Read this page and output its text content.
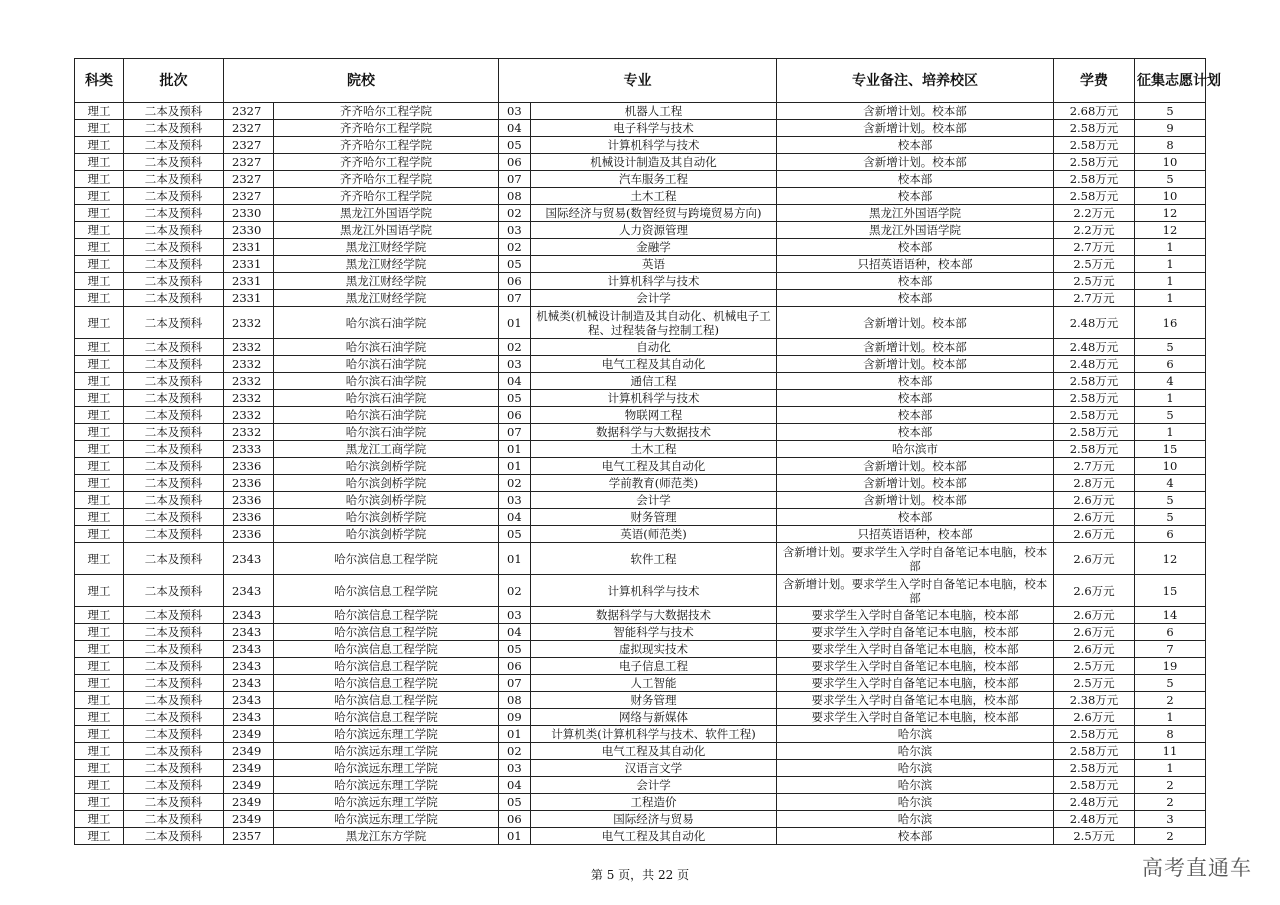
科类	批次	院校		专业		专业备注、培养校区	学费	征集志愿计划
理工	二本及预科	2327	齐齐哈尔工程学院	03	机器人工程	含新增计划。校本部	2.68万元	5
理工	二本及预科	2327	齐齐哈尔工程学院	04	电子科学与技术	含新增计划。校本部	2.58万元	9
理工	二本及预科	2327	齐齐哈尔工程学院	05	计算机科学与技术	校本部	2.58万元	8
理工	二本及预科	2327	齐齐哈尔工程学院	06	机械设计制造及其自动化	含新增计划。校本部	2.58万元	10
理工	二本及预科	2327	齐齐哈尔工程学院	07	汽车服务工程	校本部	2.58万元	5
理工	二本及预科	2327	齐齐哈尔工程学院	08	土木工程	校本部	2.58万元	10
理工	二本及预科	2330	黑龙江外国语学院	02	国际经济与贸易(数智经贸与跨境贸易方向)	黑龙江外国语学院	2.2万元	12
理工	二本及预科	2330	黑龙江外国语学院	03	人力资源管理	黑龙江外国语学院	2.2万元	12
理工	二本及预科	2331	黑龙江财经学院	02	金融学	校本部	2.7万元	1
理工	二本及预科	2331	黑龙江财经学院	05	英语	只招英语语种，校本部	2.5万元	1
理工	二本及预科	2331	黑龙江财经学院	06	计算机科学与技术	校本部	2.5万元	1
理工	二本及预科	2331	黑龙江财经学院	07	会计学	校本部	2.7万元	1
理工	二本及预科	2332	哈尔滨石油学院	01	机械类(机械设计制造及其自动化、机械电子工程、过程装备与控制工程)	含新增计划。校本部	2.48万元	16
理工	二本及预科	2332	哈尔滨石油学院	02	自动化	含新增计划。校本部	2.48万元	5
理工	二本及预科	2332	哈尔滨石油学院	03	电气工程及其自动化	含新增计划。校本部	2.48万元	6
理工	二本及预科	2332	哈尔滨石油学院	04	通信工程	校本部	2.58万元	4
理工	二本及预科	2332	哈尔滨石油学院	05	计算机科学与技术	校本部	2.58万元	1
理工	二本及预科	2332	哈尔滨石油学院	06	物联网工程	校本部	2.58万元	5
理工	二本及预科	2332	哈尔滨石油学院	07	数据科学与大数据技术	校本部	2.58万元	1
理工	二本及预科	2333	黑龙江工商学院	01	土木工程	哈尔滨市	2.58万元	15
理工	二本及预科	2336	哈尔滨剑桥学院	01	电气工程及其自动化	含新增计划。校本部	2.7万元	10
理工	二本及预科	2336	哈尔滨剑桥学院	02	学前教育(师范类)	含新增计划。校本部	2.8万元	4
理工	二本及预科	2336	哈尔滨剑桥学院	03	会计学	含新增计划。校本部	2.6万元	5
理工	二本及预科	2336	哈尔滨剑桥学院	04	财务管理	校本部	2.6万元	5
理工	二本及预科	2336	哈尔滨剑桥学院	05	英语(师范类)	只招英语语种，校本部	2.6万元	6
理工	二本及预科	2343	哈尔滨信息工程学院	01	软件工程	含新增计划。要求学生入学时自备笔记本电脑，校本部	2.6万元	12
理工	二本及预科	2343	哈尔滨信息工程学院	02	计算机科学与技术	含新增计划。要求学生入学时自备笔记本电脑，校本部	2.6万元	15
理工	二本及预科	2343	哈尔滨信息工程学院	03	数据科学与大数据技术	要求学生入学时自备笔记本电脑，校本部	2.6万元	14
理工	二本及预科	2343	哈尔滨信息工程学院	04	智能科学与技术	要求学生入学时自备笔记本电脑，校本部	2.6万元	6
理工	二本及预科	2343	哈尔滨信息工程学院	05	虚拟现实技术	要求学生入学时自备笔记本电脑，校本部	2.6万元	7
理工	二本及预科	2343	哈尔滨信息工程学院	06	电子信息工程	要求学生入学时自备笔记本电脑，校本部	2.5万元	19
理工	二本及预科	2343	哈尔滨信息工程学院	07	人工智能	要求学生入学时自备笔记本电脑，校本部	2.5万元	5
理工	二本及预科	2343	哈尔滨信息工程学院	08	财务管理	要求学生入学时自备笔记本电脑，校本部	2.38万元	2
理工	二本及预科	2343	哈尔滨信息工程学院	09	网络与新媒体	要求学生入学时自备笔记本电脑，校本部	2.6万元	1
理工	二本及预科	2349	哈尔滨远东理工学院	01	计算机类(计算机科学与技术、软件工程)	哈尔滨	2.58万元	8
理工	二本及预科	2349	哈尔滨远东理工学院	02	电气工程及其自动化	哈尔滨	2.58万元	11
理工	二本及预科	2349	哈尔滨远东理工学院	03	汉语言文学	哈尔滨	2.58万元	1
理工	二本及预科	2349	哈尔滨远东理工学院	04	会计学	哈尔滨	2.58万元	2
理工	二本及预科	2349	哈尔滨远东理工学院	05	工程造价	哈尔滨	2.48万元	2
理工	二本及预科	2349	哈尔滨远东理工学院	06	国际经济与贸易	哈尔滨	2.48万元	3
理工	二本及预科	2357	黑龙江东方学院	01	电气工程及其自动化	校本部	2.5万元	2
第 5 页，共 22 页	高考直通车
